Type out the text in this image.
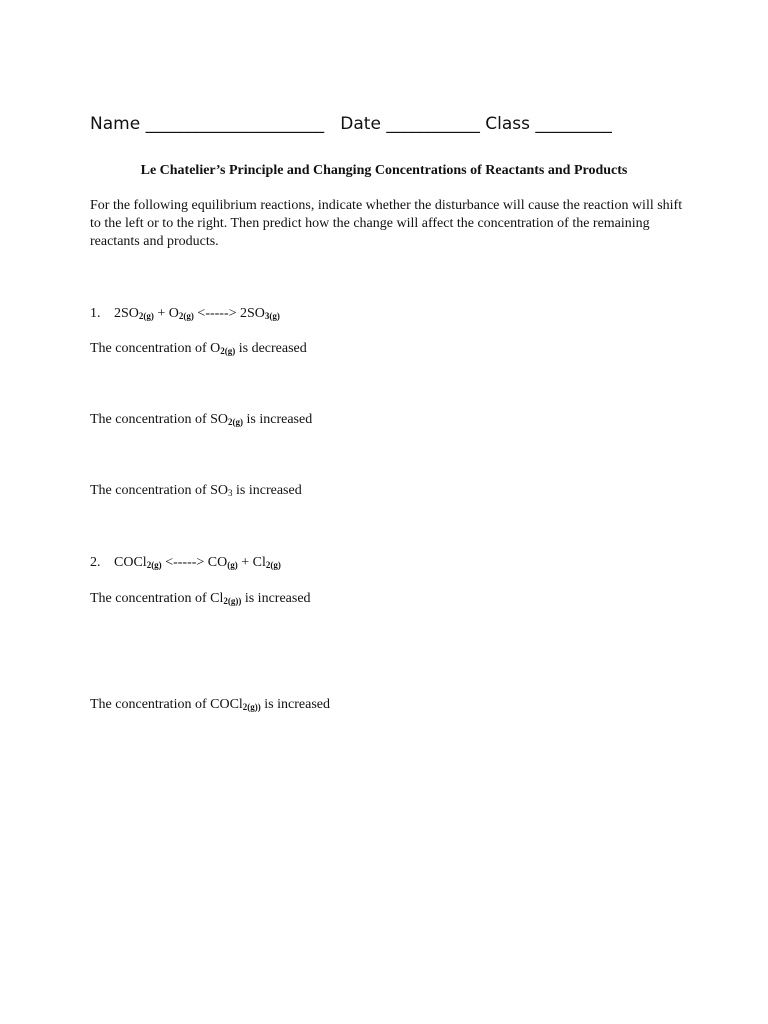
Name _____________________ Date ___________ Class _________
Le Chatelier’s Principle and Changing Concentrations of Reactants and Products
For the following equilibrium reactions, indicate whether the disturbance will cause the reaction will shift to the left or to the right. Then predict how the change will affect the concentration of the remaining reactants and products.
1. $2SO_{2(g)} + O_{2(g)}$ <-----> $2SO_{3(g)}$
The concentration of $O_{2(g)}$ is decreased
The concentration of $SO_{2(g)}$ is increased
The concentration of $SO_3$ is increased
2. COCl$_{2(g)}$ <-----> $CO_{(g)} + Cl_{2(g)}$
The concentration of $Cl_{2(g))}$ is increased
The concentration of COCl$_{2(g))}$ is increased
